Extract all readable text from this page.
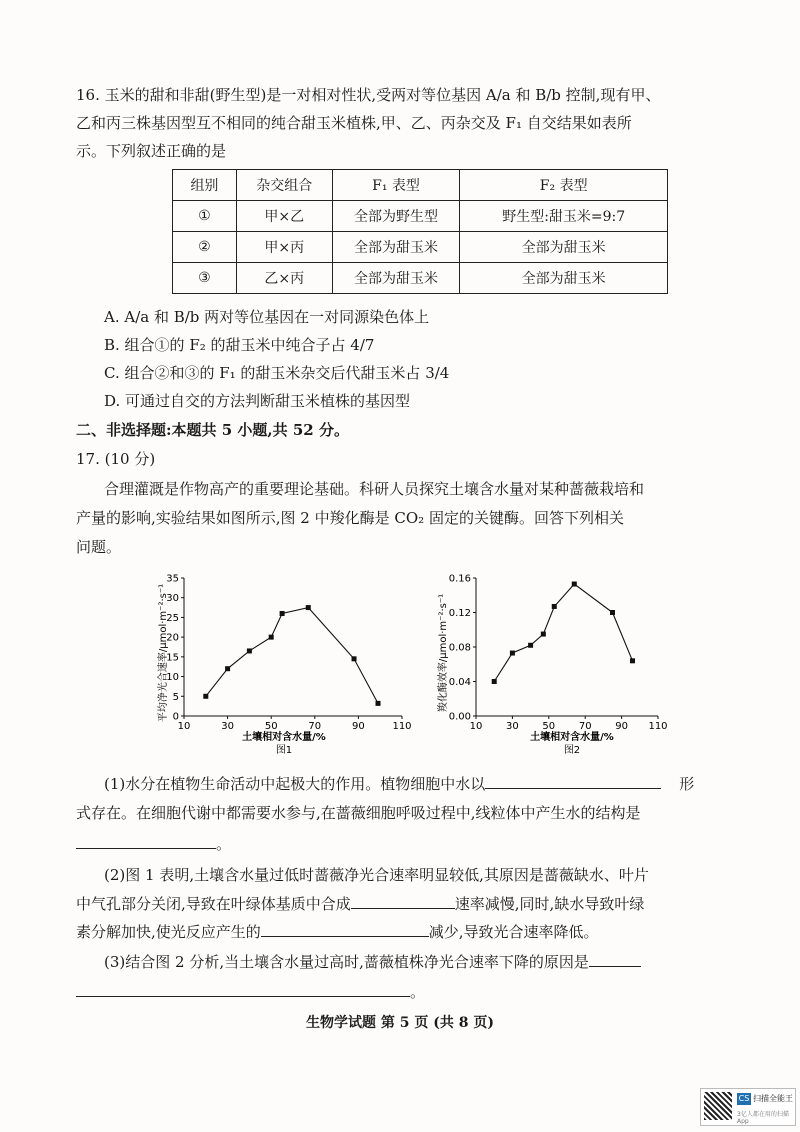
16. 玉米的甜和非甜(野生型)是一对相对性状,受两对等位基因 A/a 和 B/b 控制,现有甲、
乙和丙三株基因型互不相同的纯合甜玉米植株,甲、乙、丙杂交及 F₁ 自交结果如表所
示。下列叙述正确的是
组别	杂交组合	F₁ 表型	F₂ 表型
①	甲×乙	全部为野生型	野生型:甜玉米=9:7
②	甲×丙	全部为甜玉米	全部为甜玉米
③	乙×丙	全部为甜玉米	全部为甜玉米
A. A/a 和 B/b 两对等位基因在一对同源染色体上
B. 组合①的 F₂ 的甜玉米中纯合子占 4/7
C. 组合②和③的 F₁ 的甜玉米杂交后代甜玉米占 3/4
D. 可通过自交的方法判断甜玉米植株的基因型
二、非选择题:本题共 5 小题,共 52 分。
17. (10 分)
合理灌溉是作物高产的重要理论基础。科研人员探究土壤含水量对某种蔷薇栽培和
产量的影响,实验结果如图所示,图 2 中羧化酶是 CO₂ 固定的关键酶。回答下列相关
问题。
10	30	50	70	90	110
0
5
10
15
20
25
30
35
平均净光合速率/μmol·m⁻²·s⁻¹
土壤相对含水量/%
图1
10 30 50 70 90 110
0.00
0.04
0.08
0.12
0.16
羧化酶效率/μmol·m⁻²·s⁻¹
土壤相对含水量/%
图2
(1)水分在植物生命活动中起极大的作用。植物细胞中水以	形
式存在。在细胞代谢中都需要水参与,在蔷薇细胞呼吸过程中,线粒体中产生水的结构是
。
(2)图 1 表明,土壤含水量过低时蔷薇净光合速率明显较低,其原因是蔷薇缺水、叶片
中气孔部分关闭,导致在叶绿体基质中合成	速率减慢,同时,缺水导致叶绿
素分解加快,使光反应产生的	减少,导致光合速率降低。
(3)结合图 2 分析,当土壤含水量过高时,蔷薇植株净光合速率下降的原因是
。
生物学试题 第 5 页 (共 8 页)
CS 扫描全能王
3亿人都在用的扫描App
